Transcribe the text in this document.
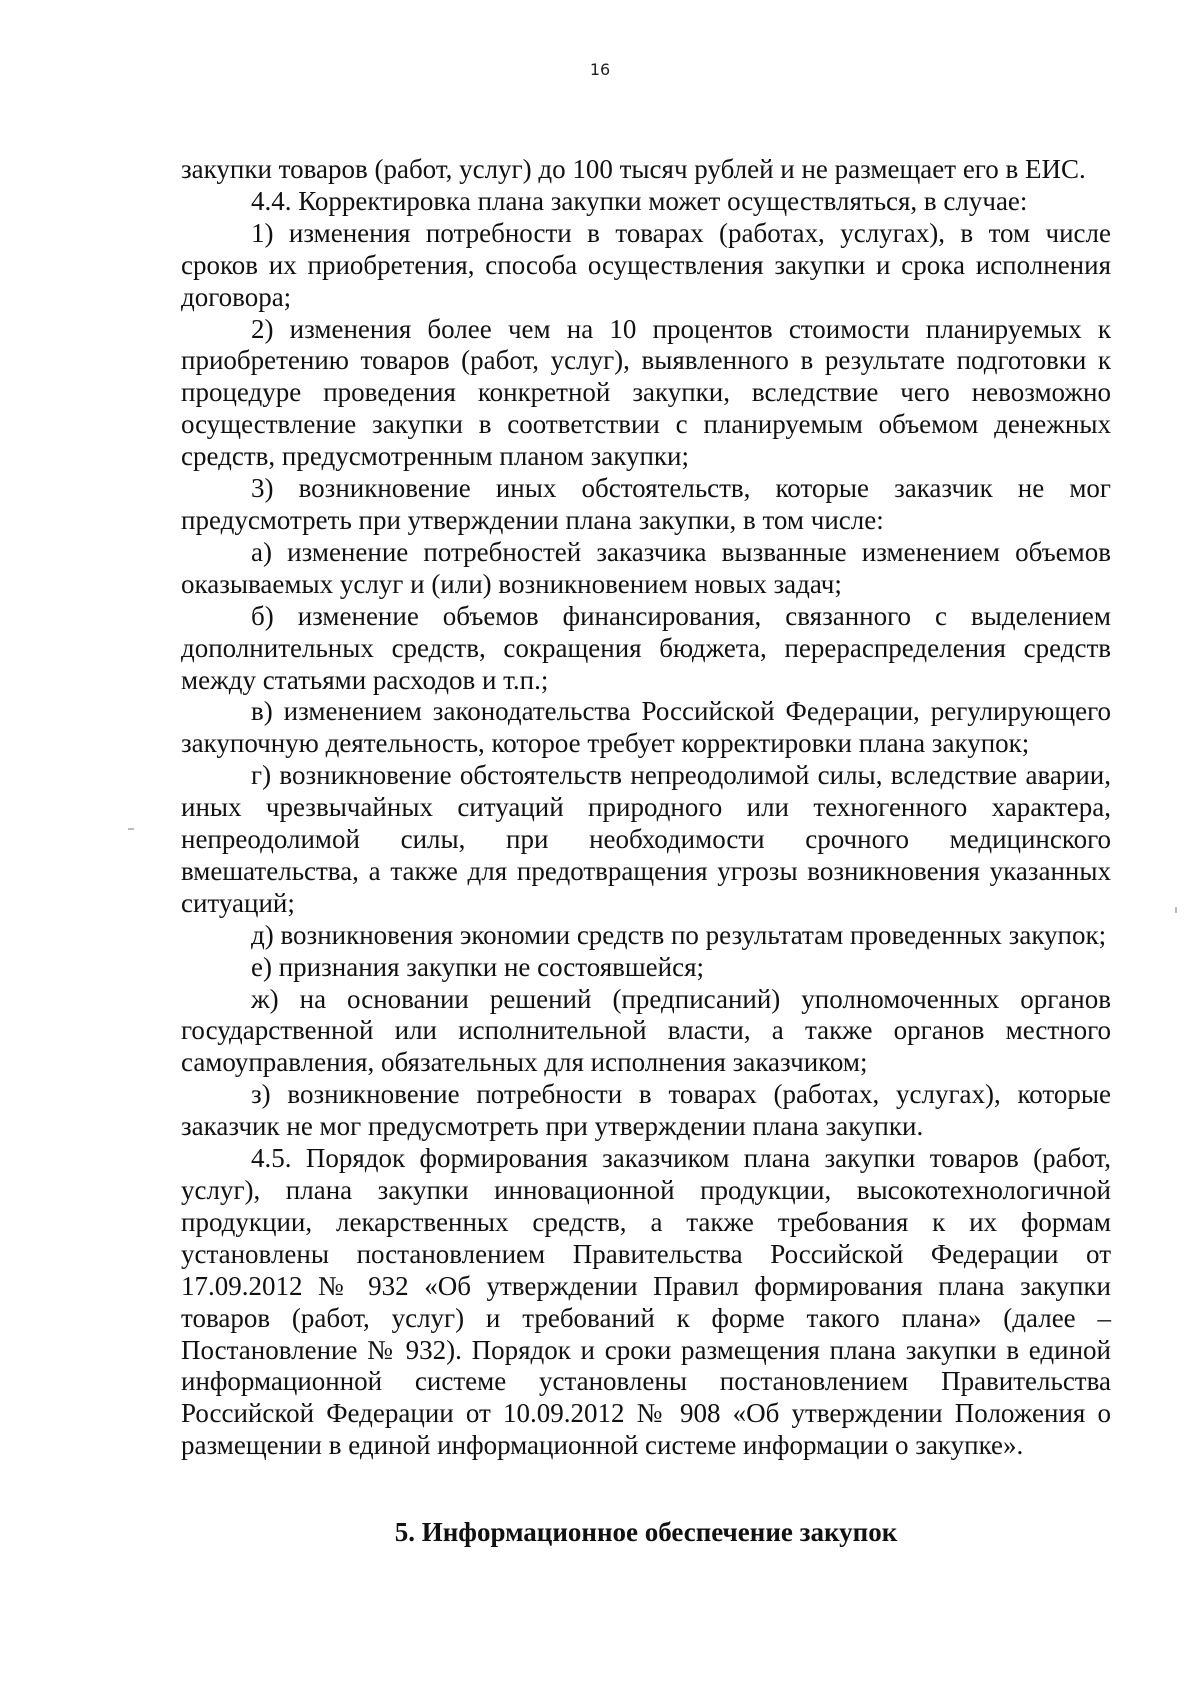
16

закупки товаров (работ, услуг) до 100 тысяч рублей и не размещает его в ЕИС.

4.4. Корректировка плана закупки может осуществляться, в случае:

1) изменения потребности в товарах (работах, услугах), в том числе сроков их приобретения, способа осуществления закупки и срока исполнения договора;

2) изменения более чем на 10 процентов стоимости планируемых к приобретению товаров (работ, услуг), выявленного в результате подготовки к процедуре проведения конкретной закупки, вследствие чего невозможно осуществление закупки в соответствии с планируемым объемом денежных средств, предусмотренным планом закупки;

3) возникновение иных обстоятельств, которые заказчик не мог предусмотреть при утверждении плана закупки, в том числе:

а) изменение потребностей заказчика вызванные изменением объемов оказываемых услуг и (или) возникновением новых задач;

б) изменение объемов финансирования, связанного с выделением дополнительных средств, сокращения бюджета, перераспределения средств между статьями расходов и т.п.;

в) изменением законодательства Российской Федерации, регулирующего закупочную деятельность, которое требует корректировки плана закупок;

г) возникновение обстоятельств непреодолимой силы, вследствие аварии, иных чрезвычайных ситуаций природного или техногенного характера, непреодолимой силы, при необходимости срочного медицинского вмешательства, а также для предотвращения угрозы возникновения указанных ситуаций;

д) возникновения экономии средств по результатам проведенных закупок;

е) признания закупки не состоявшейся;

ж) на основании решений (предписаний) уполномоченных органов государственной или исполнительной власти, а также органов местного самоуправления, обязательных для исполнения заказчиком;

з) возникновение потребности в товарах (работах, услугах), которые заказчик не мог предусмотреть при утверждении плана закупки.

4.5. Порядок формирования заказчиком плана закупки товаров (работ, услуг), плана закупки инновационной продукции, высокотехнологичной продукции, лекарственных средств, а также требования к их формам установлены постановлением Правительства Российской Федерации от 17.09.2012 № 932 «Об утверждении Правил формирования плана закупки товаров (работ, услуг) и требований к форме такого плана» (далее – Постановление № 932). Порядок и сроки размещения плана закупки в единой информационной системе установлены постановлением Правительства Российской Федерации от 10.09.2012 № 908 «Об утверждении Положения о размещении в единой информационной системе информации о закупке».

5. Информационное обеспечение закупок
